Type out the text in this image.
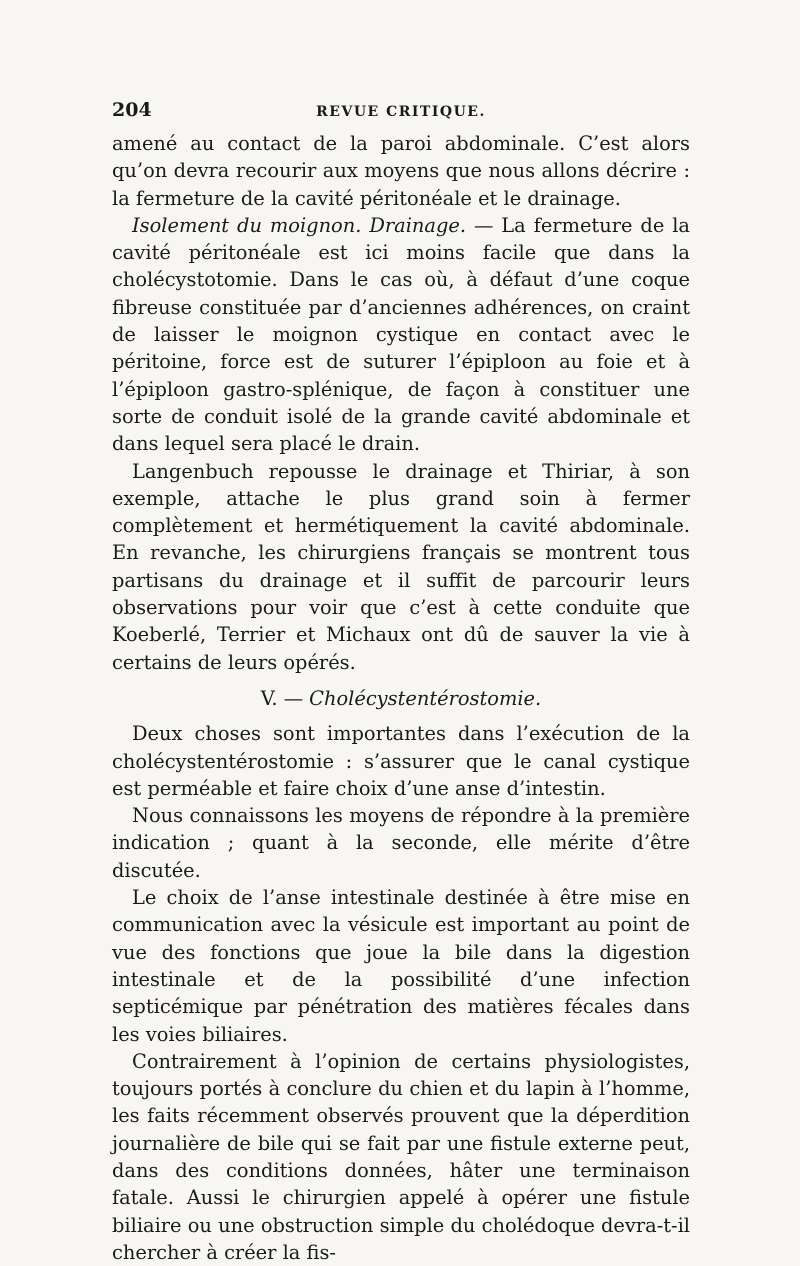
204	REVUE CRITIQUE.

amené au contact de la paroi abdominale. C’est alors qu’on devra recourir aux moyens que nous allons décrire : la fermeture de la cavité péritonéale et le drainage.

Isolement du moignon. Drainage. — La fermeture de la cavité péritonéale est ici moins facile que dans la cholécystotomie. Dans le cas où, à défaut d’une coque fibreuse constituée par d’anciennes adhérences, on craint de laisser le moignon cystique en contact avec le péritoine, force est de suturer l’épiploon au foie et à l’épiploon gastro-splénique, de façon à constituer une sorte de conduit isolé de la grande cavité abdominale et dans lequel sera placé le drain.

Langenbuch repousse le drainage et Thiriar, à son exemple, attache le plus grand soin à fermer complètement et hermétiquement la cavité abdominale. En revanche, les chirurgiens français se montrent tous partisans du drainage et il suffit de parcourir leurs observations pour voir que c’est à cette conduite que Koeberlé, Terrier et Michaux ont dû de sauver la vie à certains de leurs opérés.

V. — Cholécystentérostomie.

Deux choses sont importantes dans l’exécution de la cholécystentérostomie : s’assurer que le canal cystique est perméable et faire choix d’une anse d’intestin.

Nous connaissons les moyens de répondre à la première indication ; quant à la seconde, elle mérite d’être discutée.

Le choix de l’anse intestinale destinée à être mise en communication avec la vésicule est important au point de vue des fonctions que joue la bile dans la digestion intestinale et de la possibilité d’une infection septicémique par pénétration des matières fécales dans les voies biliaires.

Contrairement à l’opinion de certains physiologistes, toujours portés à conclure du chien et du lapin à l’homme, les faits récemment observés prouvent que la déperdition journalière de bile qui se fait par une fistule externe peut, dans des conditions données, hâter une terminaison fatale. Aussi le chirurgien appelé à opérer une fistule biliaire ou une obstruction simple du cholédoque devra-t-il chercher à créer la fis-
